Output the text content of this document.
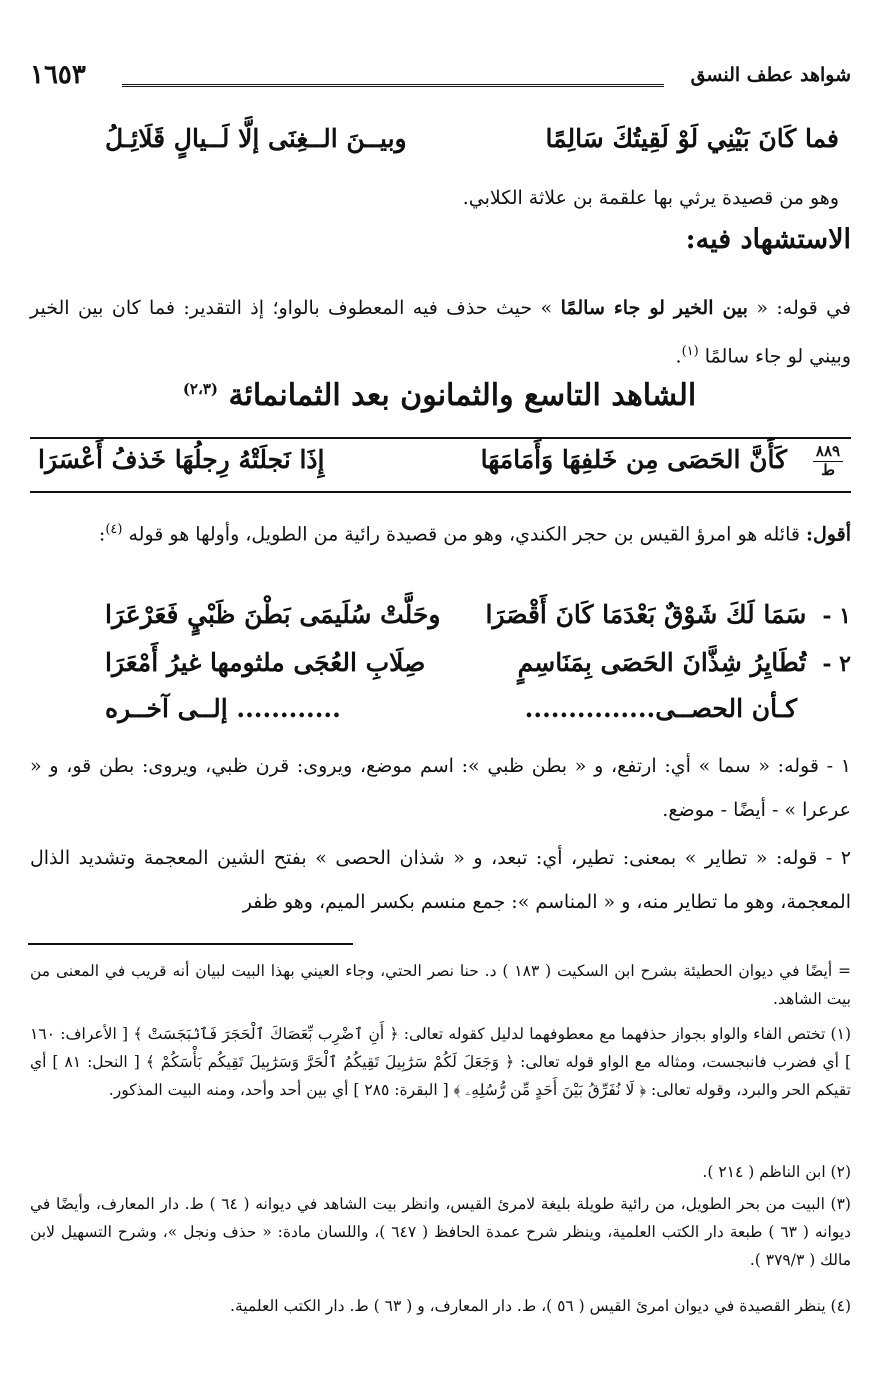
شواهد عطف النسق
١٦٥٣
فما كَانَ بَيْنِي لَوْ لَقِيتُكَ سَالِمًا
وبيــنَ الــغِنَى إلَّا لَــيالٍ قَلَائِـلُ
وهو من قصيدة يرثي بها علقمة بن علاثة الكلابي.
الاستشهاد فيه:
في قوله: « بين الخير لو جاء سالمًا » حيث حذف فيه المعطوف بالواو؛ إذ التقدير: فما كان بين الخير وبيني لو جاء سالمًا $^{(١)}$.
الشاهد التاسع والثمانون بعد الثمانمائة $^{(٢،٣)}$
٨٨٩
ط
كَأَنَّ الحَصَى مِن خَلفِهَا وَأَمَامَهَا
إِذَا نَجلَتْهُ رِجلُهَا خَذفُ أَعْسَرَا
أقول: قائله هو امرؤ القيس بن حجر الكندي، وهو من قصيدة رائية من الطويل، وأولها هو قوله $^{(٤)}$:
١ -سَمَا لَكَ شَوْقٌ بَعْدَمَا كَانَ أَقْصَرَا
وحَلَّتْ سُلَيمَى بَطْنَ ظَبْيٍ فَعَرْعَرَا
٢ -تُطَايِرُ شِذَّانَ الحَصَى بِمَنَاسِمٍ
صِلَابِ العُجَى ملثومها غيرُ أَمْعَرَا
كـأن الحصــى...............
............ إلــى آخــره
١ - قوله: « سما » أي: ارتفع، و « بطن ظبي »: اسم موضع، ويروى: قرن ظبي، ويروى: بطن قو، و « عرعرا » - أيضًا - موضع.
٢ - قوله: « تطاير » بمعنى: تطير، أي: تبعد، و « شذان الحصى » بفتح الشين المعجمة وتشديد الذال المعجمة، وهو ما تطاير منه، و « المناسم »: جمع منسم بكسر الميم، وهو ظفر
= أيضًا في ديوان الحطيئة بشرح ابن السكيت ( ١٨٣ ) د. حنا نصر الحتي، وجاء العيني بهذا البيت لبيان أنه قريب في المعنى من بيت الشاهد.
(١) تختص الفاء والواو بجواز حذفهما مع معطوفهما لدليل كقوله تعالى: ﴿ أَنِ ٱضْرِب بِّعَصَاكَ ٱلْحَجَرَ فَٱنۢبَجَسَتْ ﴾ [ الأعراف: ١٦٠ ] أي فضرب فانبجست، ومثاله مع الواو قوله تعالى: ﴿ وَجَعَلَ لَكُمْ سَرَٰبِيلَ تَقِيكُمُ ٱلْحَرَّ وَسَرَٰبِيلَ تَقِيكُم بَأْسَكُمْ ﴾ [ النحل: ٨١ ] أي تقيكم الحر والبرد، وقوله تعالى: ﴿ لَا نُفَرِّقُ بَيْنَ أَحَدٍ مِّن رُّسُلِهِۦ ﴾ [ البقرة: ٢٨٥ ] أي بين أحد وأحد، ومنه البيت المذكور.
(٢) ابن الناظم ( ٢١٤ ).
(٣) البيت من بحر الطويل، من رائية طويلة بليغة لامرئ القيس، وانظر بيت الشاهد في ديوانه ( ٦٤ ) ط. دار المعارف، وأيضًا في ديوانه ( ٦٣ ) طبعة دار الكتب العلمية، وينظر شرح عمدة الحافظ ( ٦٤٧ )، واللسان مادة: « حذف ونجل »، وشرح التسهيل لابن مالك ( ٣٧٩/٣ ).
(٤) ينظر القصيدة في ديوان امرئ القيس ( ٥٦ )، ط. دار المعارف، و ( ٦٣ ) ط. دار الكتب العلمية.
